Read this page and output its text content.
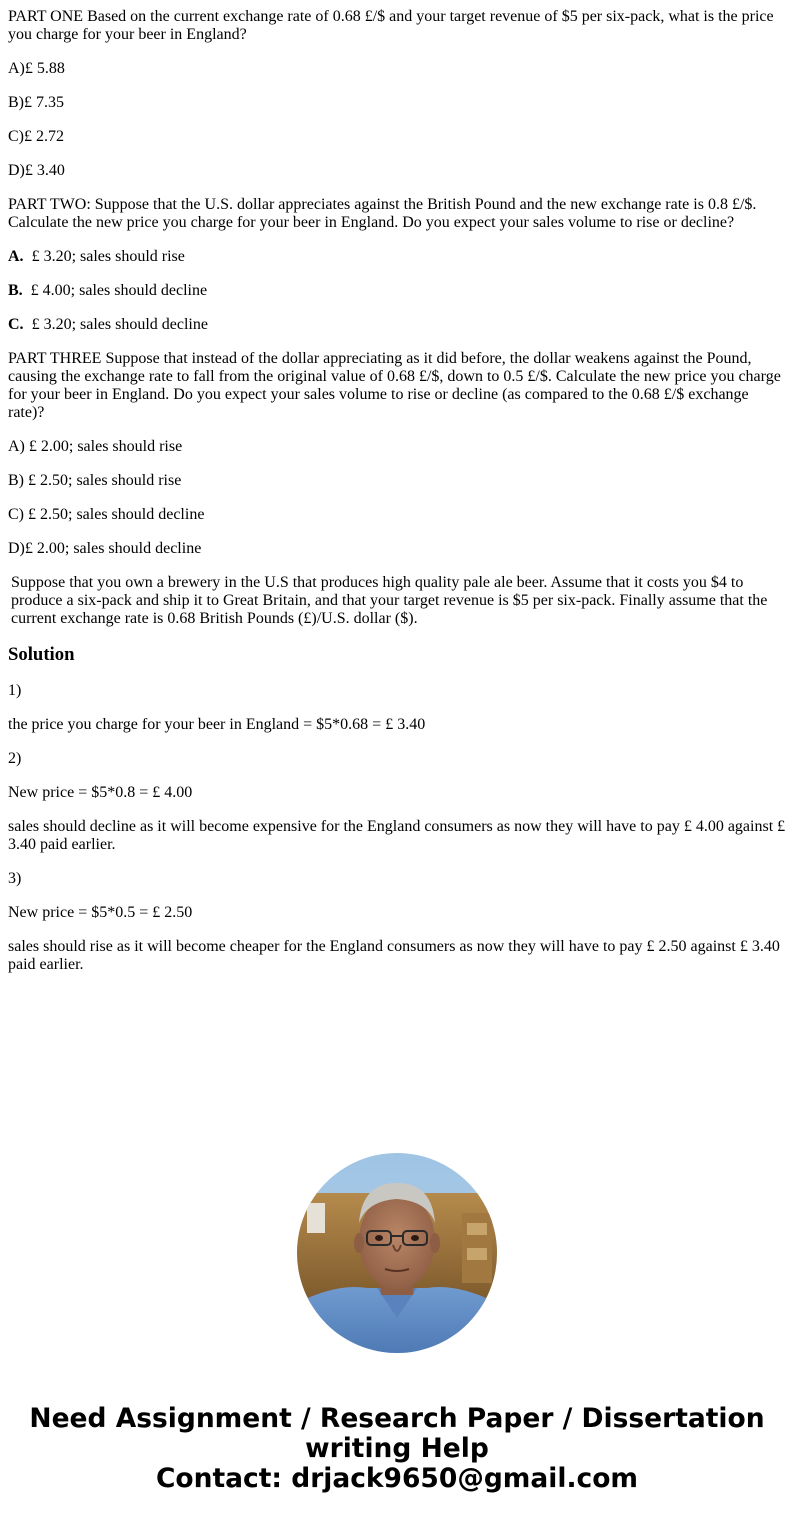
PART ONE Based on the current exchange rate of 0.68 £/$ and your target revenue of $5 per six-pack, what is the price you charge for your beer in England?

A)£ 5.88

B)£ 7.35

C)£ 2.72

D)£ 3.40

PART TWO: Suppose that the U.S. dollar appreciates against the British Pound and the new exchange rate is 0.8 £/$. Calculate the new price you charge for your beer in England. Do you expect your sales volume to rise or decline?

A. £ 3.20; sales should rise

B. £ 4.00; sales should decline

C. £ 3.20; sales should decline

PART THREE Suppose that instead of the dollar appreciating as it did before, the dollar weakens against the Pound, causing the exchange rate to fall from the original value of 0.68 £/$, down to 0.5 £/$. Calculate the new price you charge for your beer in England. Do you expect your sales volume to rise or decline (as compared to the 0.68 £/$ exchange rate)?

A) £ 2.00; sales should rise

B) £ 2.50; sales should rise

C) £ 2.50; sales should decline

D)£ 2.00; sales should decline

Suppose that you own a brewery in the U.S that produces high quality pale ale beer. Assume that it costs you $4 to produce a six-pack and ship it to Great Britain, and that your target revenue is $5 per six-pack. Finally assume that the current exchange rate is 0.68 British Pounds (£)/U.S. dollar ($).

Solution

1)

the price you charge for your beer in England = $5*0.68 = £ 3.40

2)

New price = $5*0.8 = £ 4.00

sales should decline as it will become expensive for the England consumers as now they will have to pay £ 4.00 against £ 3.40 paid earlier.

3)

New price = $5*0.5 = £ 2.50

sales should rise as it will become cheaper for the England consumers as now they will have to pay £ 2.50 against £ 3.40 paid earlier.

Need Assignment / Research Paper / Dissertation
writing Help
Contact: drjack9650@gmail.com
